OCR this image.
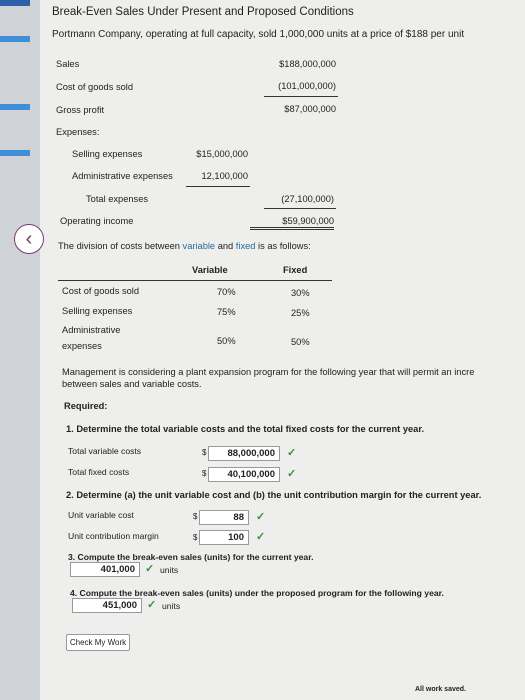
‹
Break-Even Sales Under Present and Proposed Conditions
Portmann Company, operating at full capacity, sold 1,000,000 units at a price of $188 per unit
Sales	$188,000,000
Cost of goods sold	(101,000,000)
Gross profit	$87,000,000
Expenses:
Selling expenses	$15,000,000
Administrative expenses	12,100,000
Total expenses	(27,100,000)
Operating income	$59,900,000
The division of costs between variable and fixed is as follows:
Variable	Fixed
Cost of goods sold	70%	30%
Selling expenses	75%	25%
Administrative
expenses	50%	50%
Management is considering a plant expansion program for the following year that will permit an incre
between sales and variable costs.
Required:
1. Determine the total variable costs and the total fixed costs for the current year.
Total variable costs	$	88,000,000	✓
Total fixed costs	$	40,100,000	✓
2. Determine (a) the unit variable cost and (b) the unit contribution margin for the current year.
Unit variable cost	$	88	✓
Unit contribution margin	$	100	✓
3. Compute the break-even sales (units) for the current year.
401,000 ✓ units
4. Compute the break-even sales (units) under the proposed program for the following year.
451,000 ✓ units
Check My Work
All work saved.
